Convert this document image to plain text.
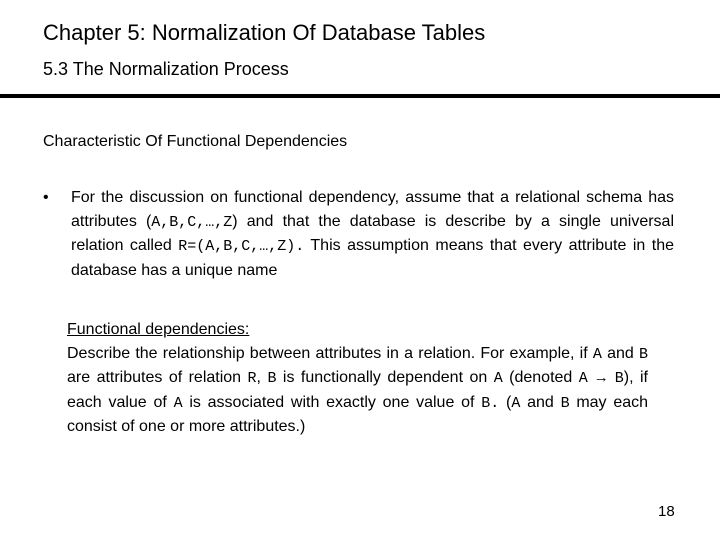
Chapter 5: Normalization Of Database Tables
5.3 The Normalization Process
Characteristic Of Functional Dependencies
• For the discussion on functional dependency, assume that a relational schema has attributes (A,B,C,…,Z) and that the database is describe by a single universal relation called R=(A,B,C,…,Z). This assumption means that every attribute in the database has a unique name
Functional dependencies:
Describe the relationship between attributes in a relation. For example, if A and B are attributes of relation R, B is functionally dependent on A (denoted A → B), if each value of A is associated with exactly one value of B. (A and B may each consist of one or more attributes.)
18
